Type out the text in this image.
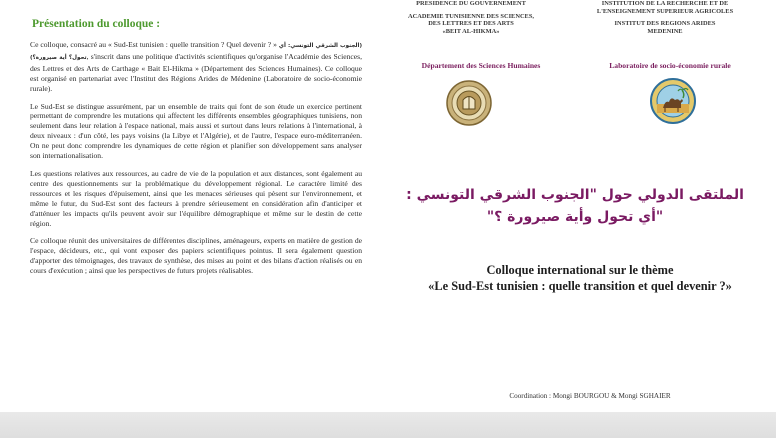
Présentation du colloque :

Ce colloque, consacré au « Sud-Est tunisien : quelle transition ? Quel devenir ? » (الجنوب الشرقي التونسي: أي تحول؟ أية صيرورة؟), s'inscrit dans une politique d'activités scientifiques qu'organise l'Académie des Sciences, des Lettres et des Arts de Carthage « Bait El-Hikma » (Département des Sciences Humaines). Ce colloque est organisé en partenariat avec l'Institut des Régions Arides de Médenine (Laboratoire de socio-économie rurale).

Le Sud-Est se distingue assurément, par un ensemble de traits qui font de son étude un exercice pertinent permettant de comprendre les mutations qui affectent les différents ensembles géographiques tunisiens, non seulement dans leur relation à l'espace national, mais aussi et surtout dans leurs relations à l'international, à deux niveaux : d'un côté, les pays voisins (la Libye et l'Algérie), et de l'autre, l'espace euro-méditerranéen. On ne peut donc comprendre les dynamiques de cette région et planifier son développement sans analyser son internationalisation.

Les questions relatives aux ressources, au cadre de vie de la population et aux distances, sont également au centre des questionnements sur la problématique du développement régional. Le caractère limité des ressources et les risques d'épuisement, ainsi que les menaces sérieuses qui pèsent sur l'environnement, et même le futur, du Sud-Est sont des facteurs à prendre sérieusement en considération afin d'anticiper et d'atténuer les impacts qu'ils peuvent avoir sur l'équilibre démographique et même sur le destin de cette région.

Ce colloque réunit des universitaires de différentes disciplines, aménageurs, experts en matière de gestion de l'espace, décideurs, etc., qui vont exposer des papiers scientifiques pointus. Il sera également question d'apporter des témoignages, des travaux de synthèse, des mises au point et des bilans d'action réalisés ou en cours d'exécution ; ainsi que les perspectives de futurs projets réalisables.

PRESIDENCE DU GOUVERNEMENT
ACADEMIE TUNISIENNE DES SCIENCES,
DES LETTRES ET DES ARTS
«BEIT AL-HIKMA»
INSTITUTION DE LA RECHERCHE ET DE
L'ENSEIGNEMENT SUPERIEUR AGRICOLES
INSTITUT DES REGIONS ARIDES
MEDENINE
Département des Sciences Humaines	Laboratoire de socio-économie rurale
الملتقى الدولي حول "الجنوب الشرقي التونسي :
"أي تحول وأية صيرورة ؟"
Colloque international sur le thème
«Le Sud-Est tunisien : quelle transition et quel devenir ?»
Coordination : Mongi BOURGOU & Mongi SGHAIER
